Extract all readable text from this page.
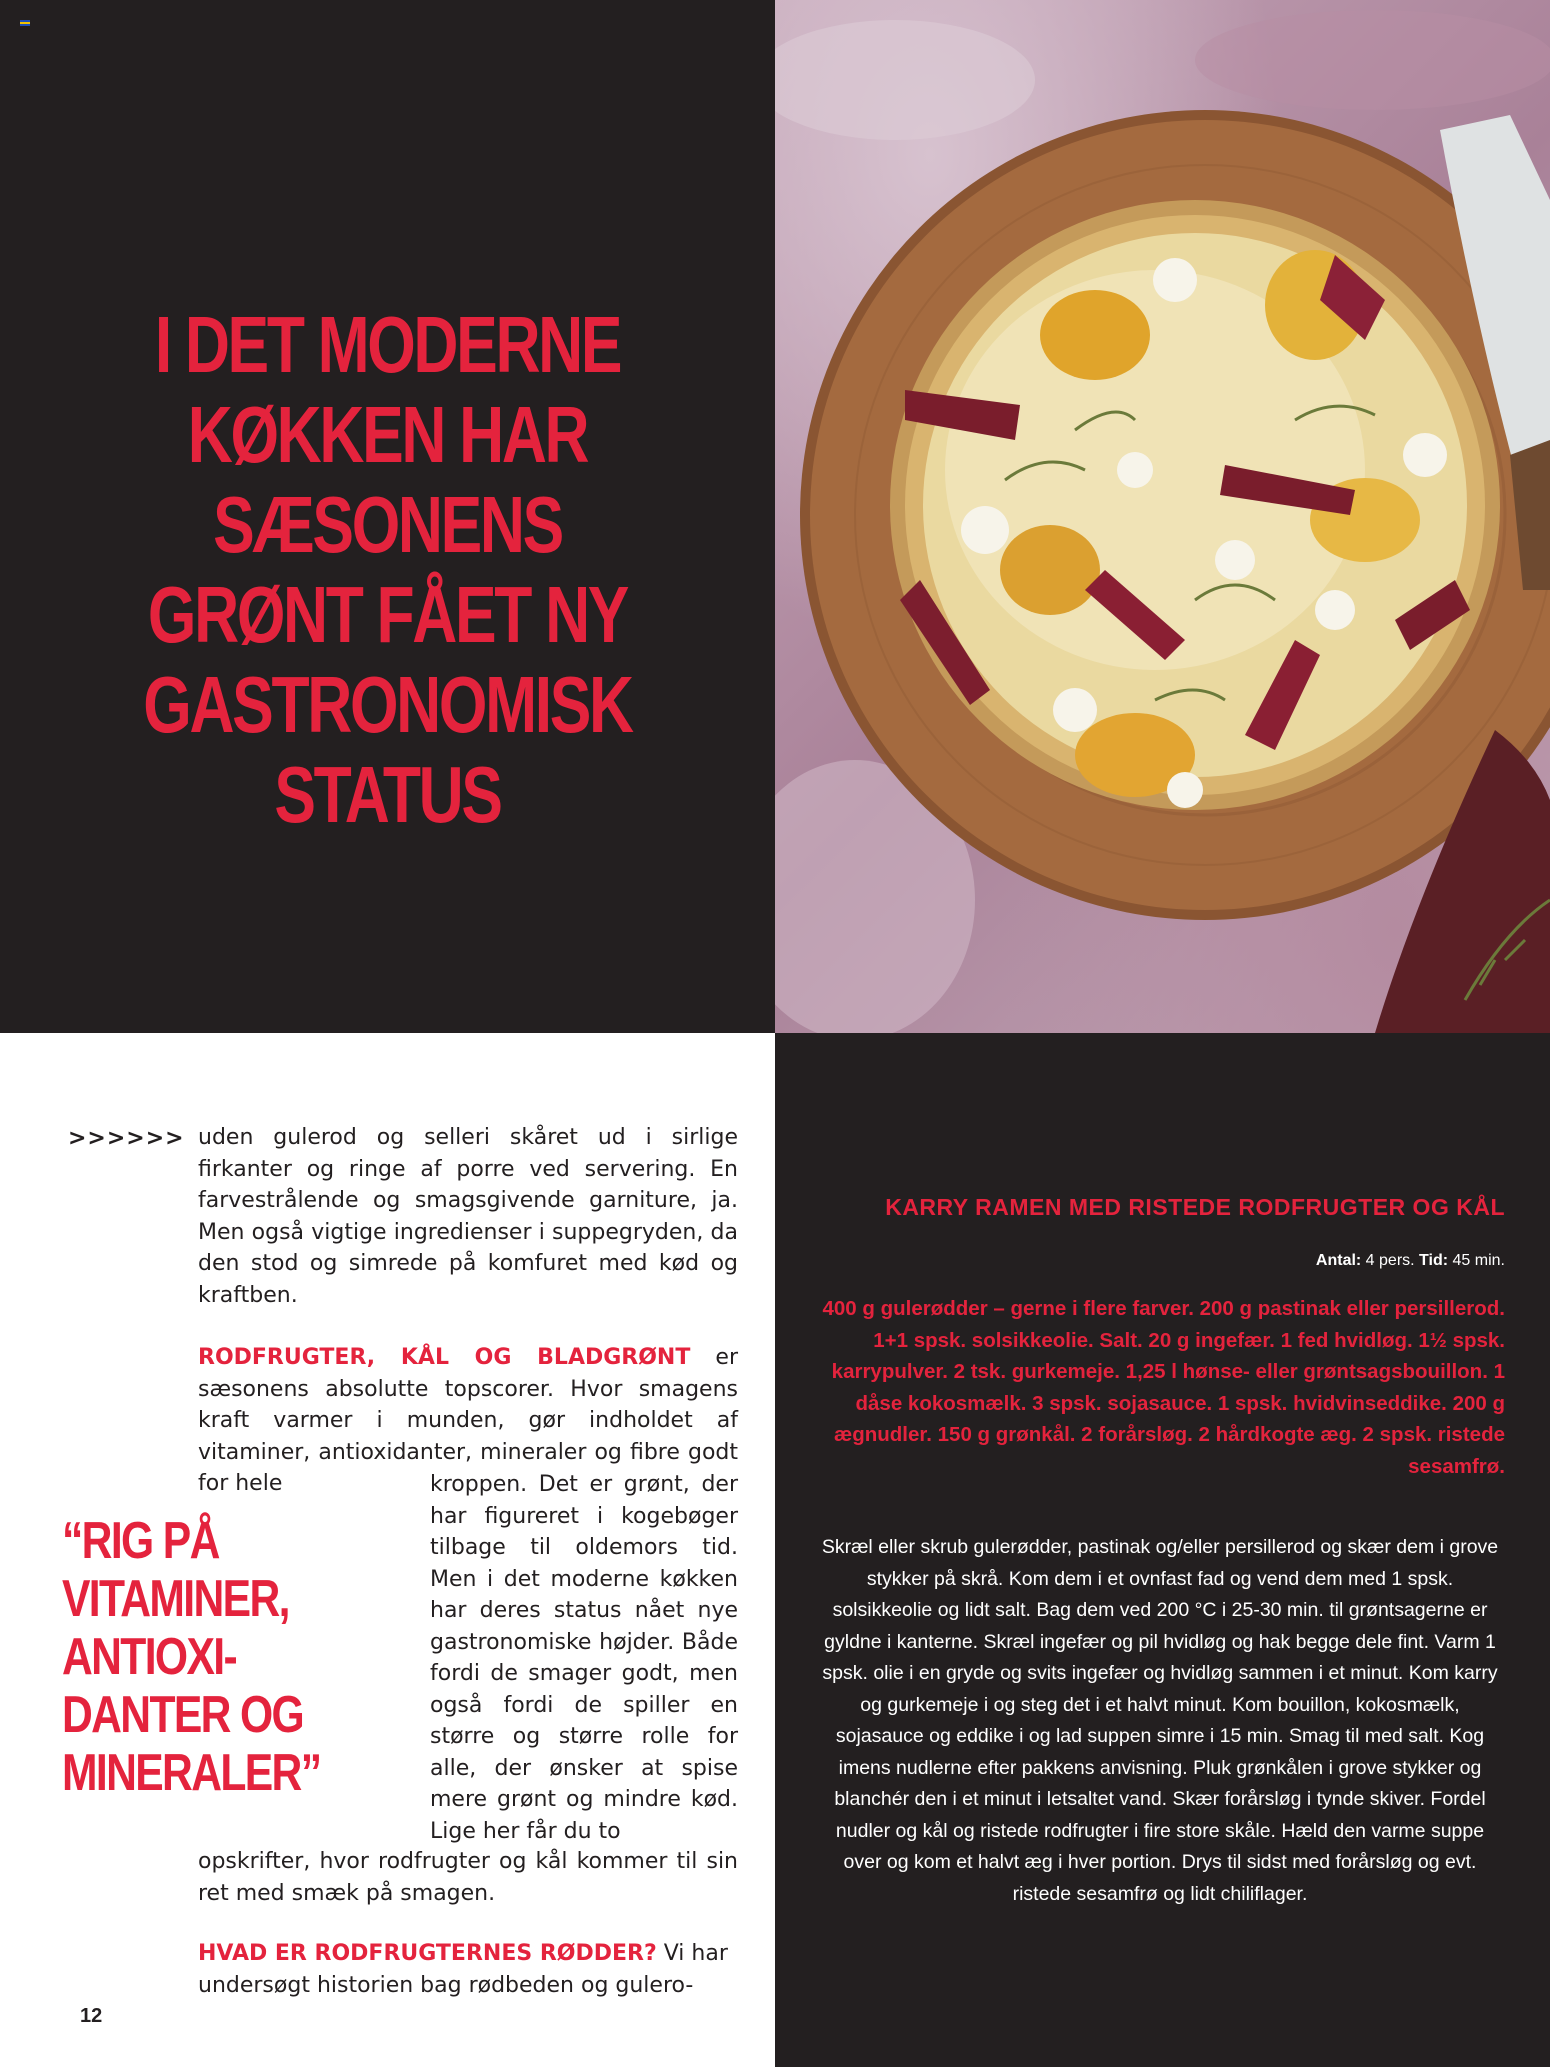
I DET MODERNE KØKKEN HAR SÆSONENS GRØNT FÅET NY GASTRONOMISK STATUS
>>>>>> uden gulerod og selleri skåret ud i sirlige firkanter og ringe af porre ved servering. En farvestrålende og smagsgivende garniture, ja. Men også vigtige ingredienser i suppegryden, da den stod og simrede på komfuret med kød og kraftben.

RODFRUGTER, KÅL OG BLADGRØNT er sæsonens absolutte topscorer. Hvor smagens kraft varmer i munden, gør indholdet af vitaminer, antioxidanter, mineraler og fibre godt for hele	kroppen. Det er grønt, der har figureret i kogebøger tilbage til oldemors tid. Men i det moderne køkken har deres status nået nye gastronomiske højder. Både fordi de smager godt, men også fordi de spiller en større og større rolle for alle, der ønsker at spise mere grønt og mindre kød. Lige her får du to

opskrifter, hvor rodfrugter og kål kommer til sin ret med smæk på smagen.

HVAD ER RODFRUGTERNES RØDDER? Vi har undersøgt historien bag rødbeden og gulero-

“RIG PÅ VITAMINER, ANTIOXI-DANTER OG MINERALER”

12
KARRY RAMEN MED RISTEDE RODFRUGTER OG KÅL
Antal: 4 pers. Tid: 45 min.

400 g gulerødder – gerne i flere farver. 200 g pastinak eller persillerod. 1+1 spsk. solsikkeolie. Salt. 20 g ingefær. 1 fed hvidløg. 1½ spsk. karrypulver. 2 tsk. gurkemeje. 1,25 l hønse- eller grøntsagsbouillon. 1 dåse kokosmælk. 3 spsk. sojasauce. 1 spsk. hvidvinseddike. 200 g ægnudler. 150 g grønkål. 2 forårsløg. 2 hårdkogte æg. 2 spsk. ristede sesamfrø.

Skræl eller skrub gulerødder, pastinak og/eller persillerod og skær dem i grove stykker på skrå. Kom dem i et ovnfast fad og vend dem med 1 spsk. solsikkeolie og lidt salt. Bag dem ved 200 °C i 25-30 min. til grøntsagerne er gyldne i kanterne. Skræl ingefær og pil hvidløg og hak begge dele fint. Varm 1 spsk. olie i en gryde og svits ingefær og hvidløg sammen i et minut. Kom karry og gurkemeje i og steg det i et halvt minut. Kom bouillon, kokosmælk, sojasauce og eddike i og lad suppen simre i 15 min. Smag til med salt. Kog imens nudlerne efter pakkens anvisning. Pluk grønkålen i grove stykker og blanchér den i et minut i letsaltet vand. Skær forårsløg i tynde skiver. Fordel nudler og kål og ristede rodfrugter i fire store skåle. Hæld den varme suppe over og kom et halvt æg i hver portion. Drys til sidst med forårsløg og evt. ristede sesamfrø og lidt chiliflager.
